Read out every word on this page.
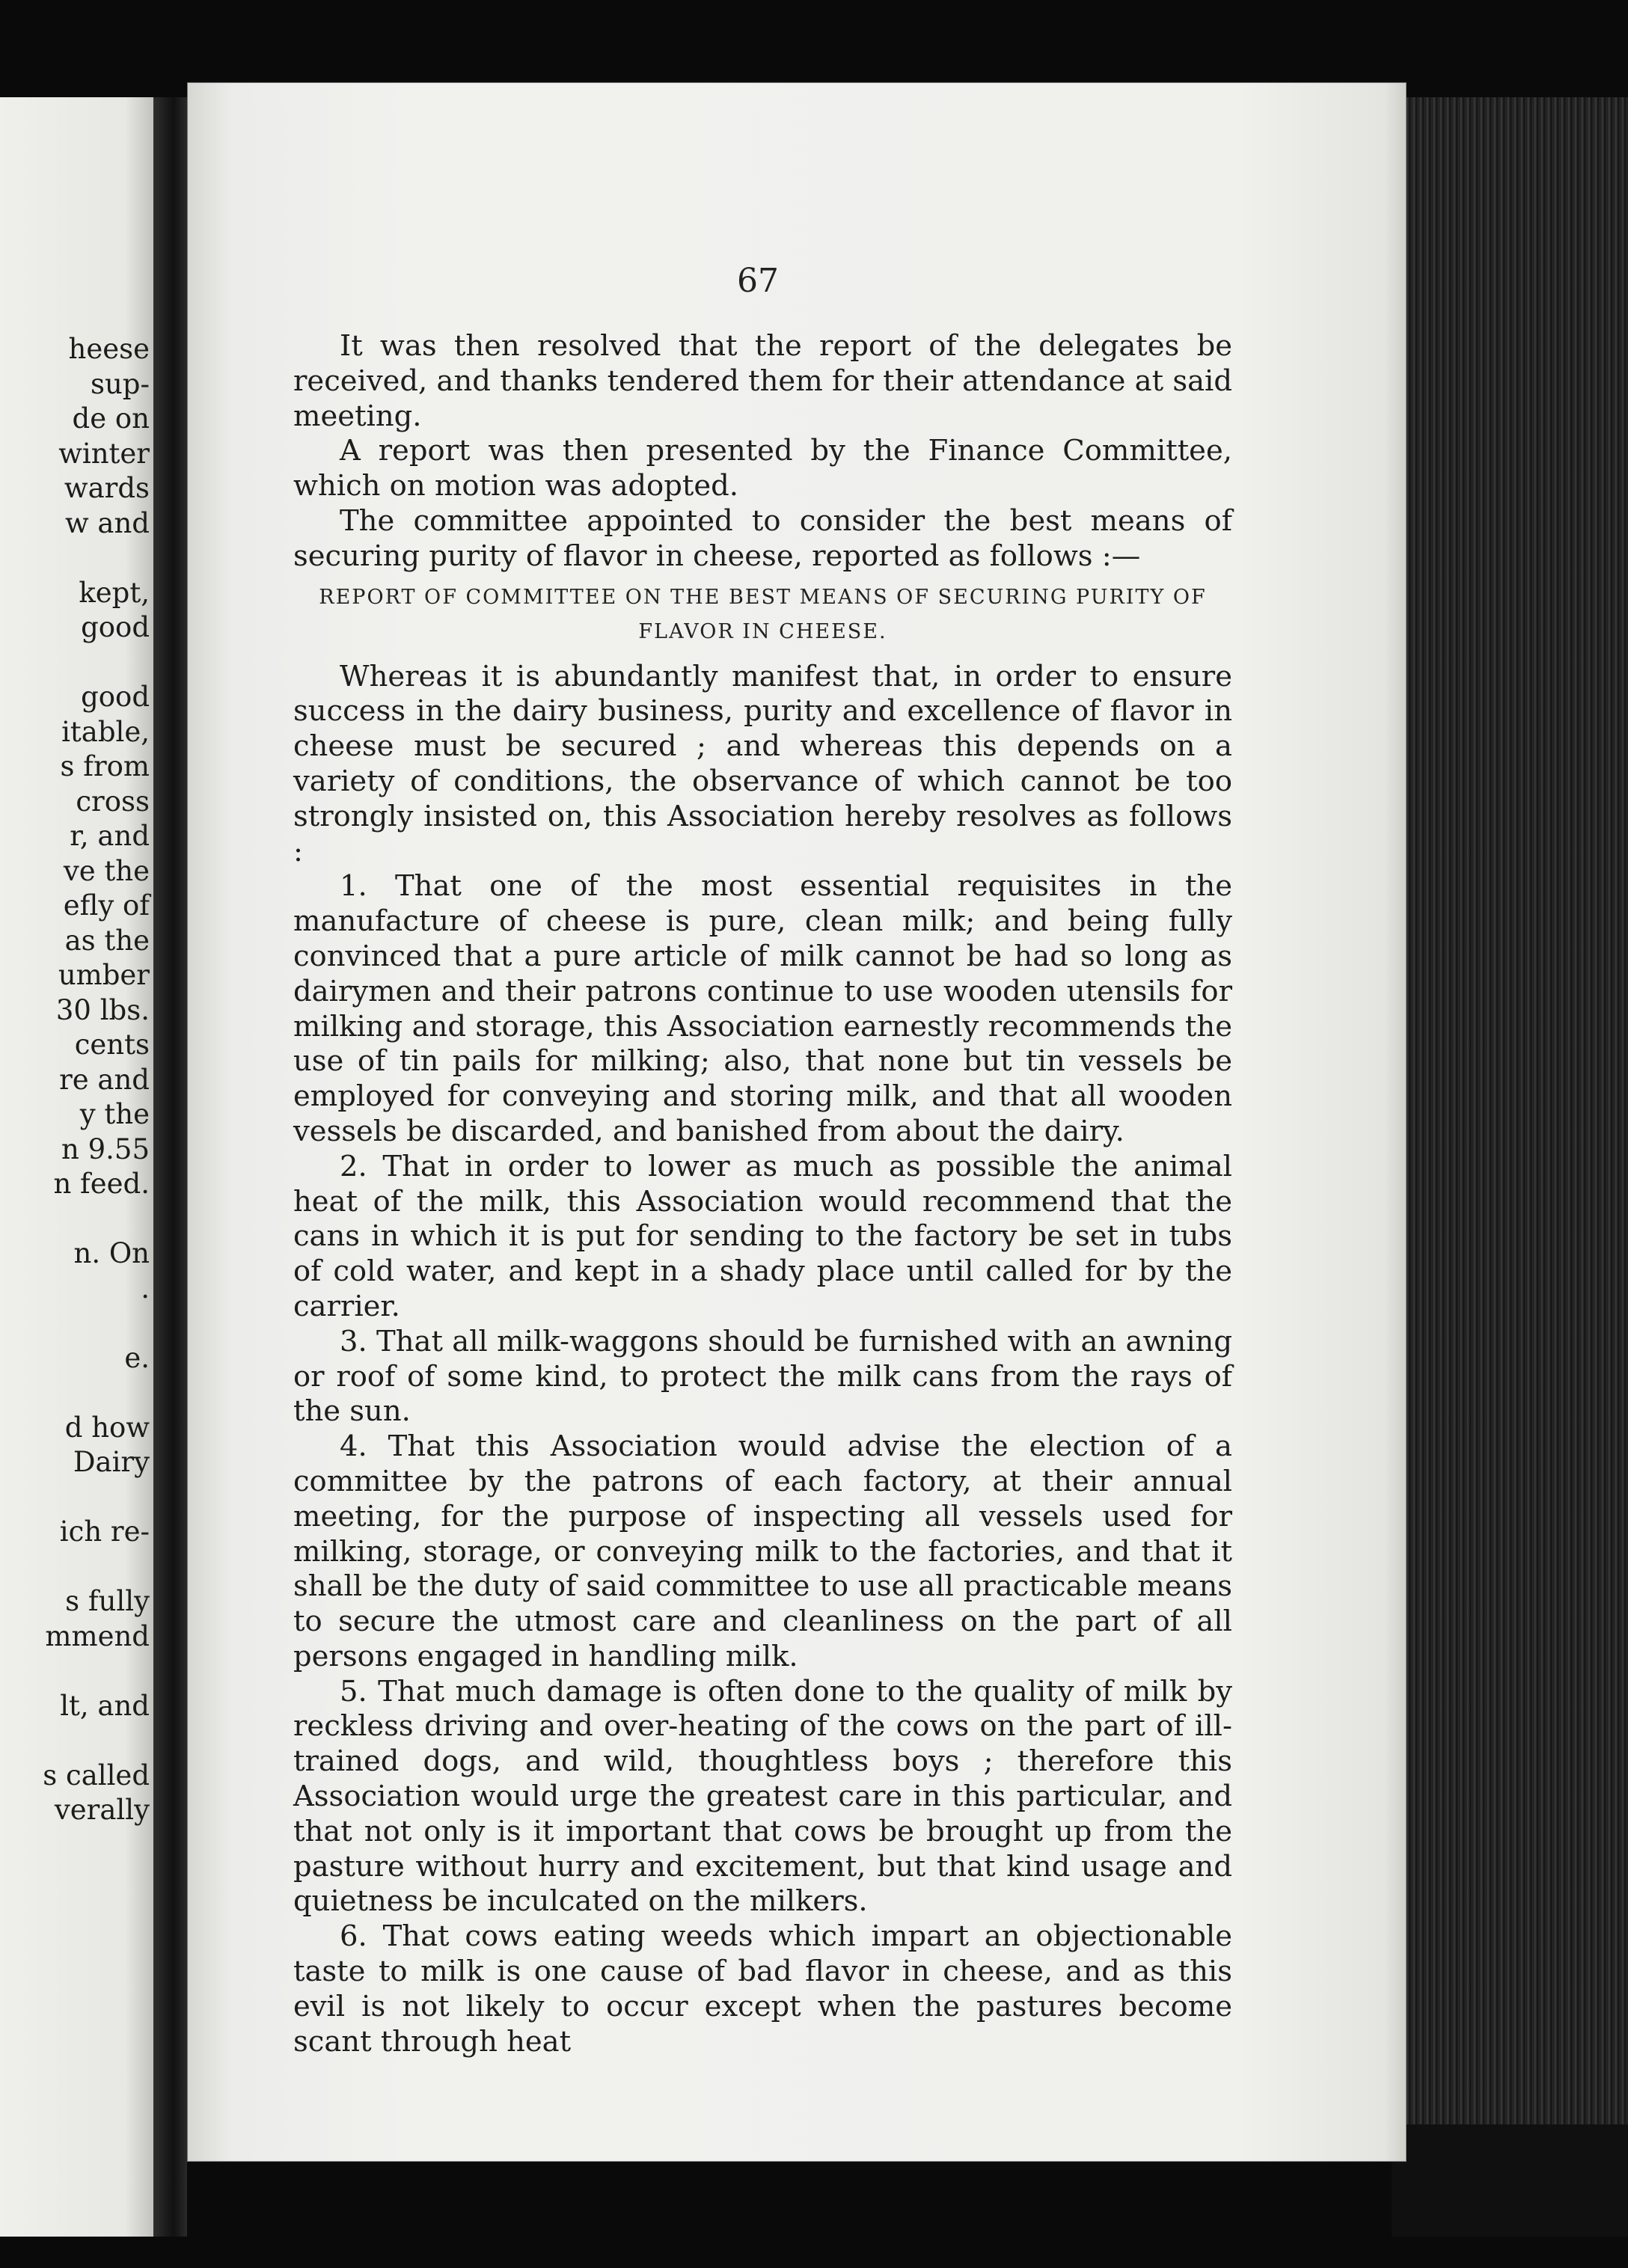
heese
sup-
de on
winter
wards
w and
kept,
good
good
itable,
s from
cross
r, and
ve the
efly of
as the
umber
30 lbs.
cents
re and
y the
n 9.55
n feed.
n. On
.
e.
d how
Dairy
ich re-
s fully
mmend
lt, and
s called
verally
67

It was then resolved that the report of the delegates be received, and thanks tendered them for their attendance at said meeting.

A report was then presented by the Finance Committee, which on motion was adopted.

The committee appointed to consider the best means of securing purity of flavor in cheese, reported as follows :—

REPORT OF COMMITTEE ON THE BEST MEANS OF SECURING PURITY OF
FLAVOR IN CHEESE.

Whereas it is abundantly manifest that, in order to ensure success in the dairy business, purity and excellence of flavor in cheese must be secured ; and whereas this depends on a variety of conditions, the observance of which cannot be too strongly insisted on, this Association hereby resolves as follows :

1. That one of the most essential requisites in the manufacture of cheese is pure, clean milk; and being fully convinced that a pure article of milk cannot be had so long as dairymen and their patrons continue to use wooden utensils for milking and storage, this Association earnestly recommends the use of tin pails for milking; also, that none but tin vessels be employed for conveying and storing milk, and that all wooden vessels be discarded, and banished from about the dairy.

2. That in order to lower as much as possible the animal heat of the milk, this Association would recommend that the cans in which it is put for sending to the factory be set in tubs of cold water, and kept in a shady place until called for by the carrier.

3. That all milk-waggons should be furnished with an awning or roof of some kind, to protect the milk cans from the rays of the sun.

4. That this Association would advise the election of a committee by the patrons of each factory, at their annual meeting, for the purpose of inspecting all vessels used for milking, storage, or conveying milk to the factories, and that it shall be the duty of said committee to use all practicable means to secure the utmost care and cleanliness on the part of all persons engaged in handling milk.

5. That much damage is often done to the quality of milk by reckless driving and over-heating of the cows on the part of ill-trained dogs, and wild, thoughtless boys ; therefore this Association would urge the greatest care in this particular, and that not only is it important that cows be brought up from the pasture without hurry and excitement, but that kind usage and quietness be inculcated on the milkers.

6. That cows eating weeds which impart an objectionable taste to milk is one cause of bad flavor in cheese, and as this evil is not likely to occur except when the pastures become scant through heat
